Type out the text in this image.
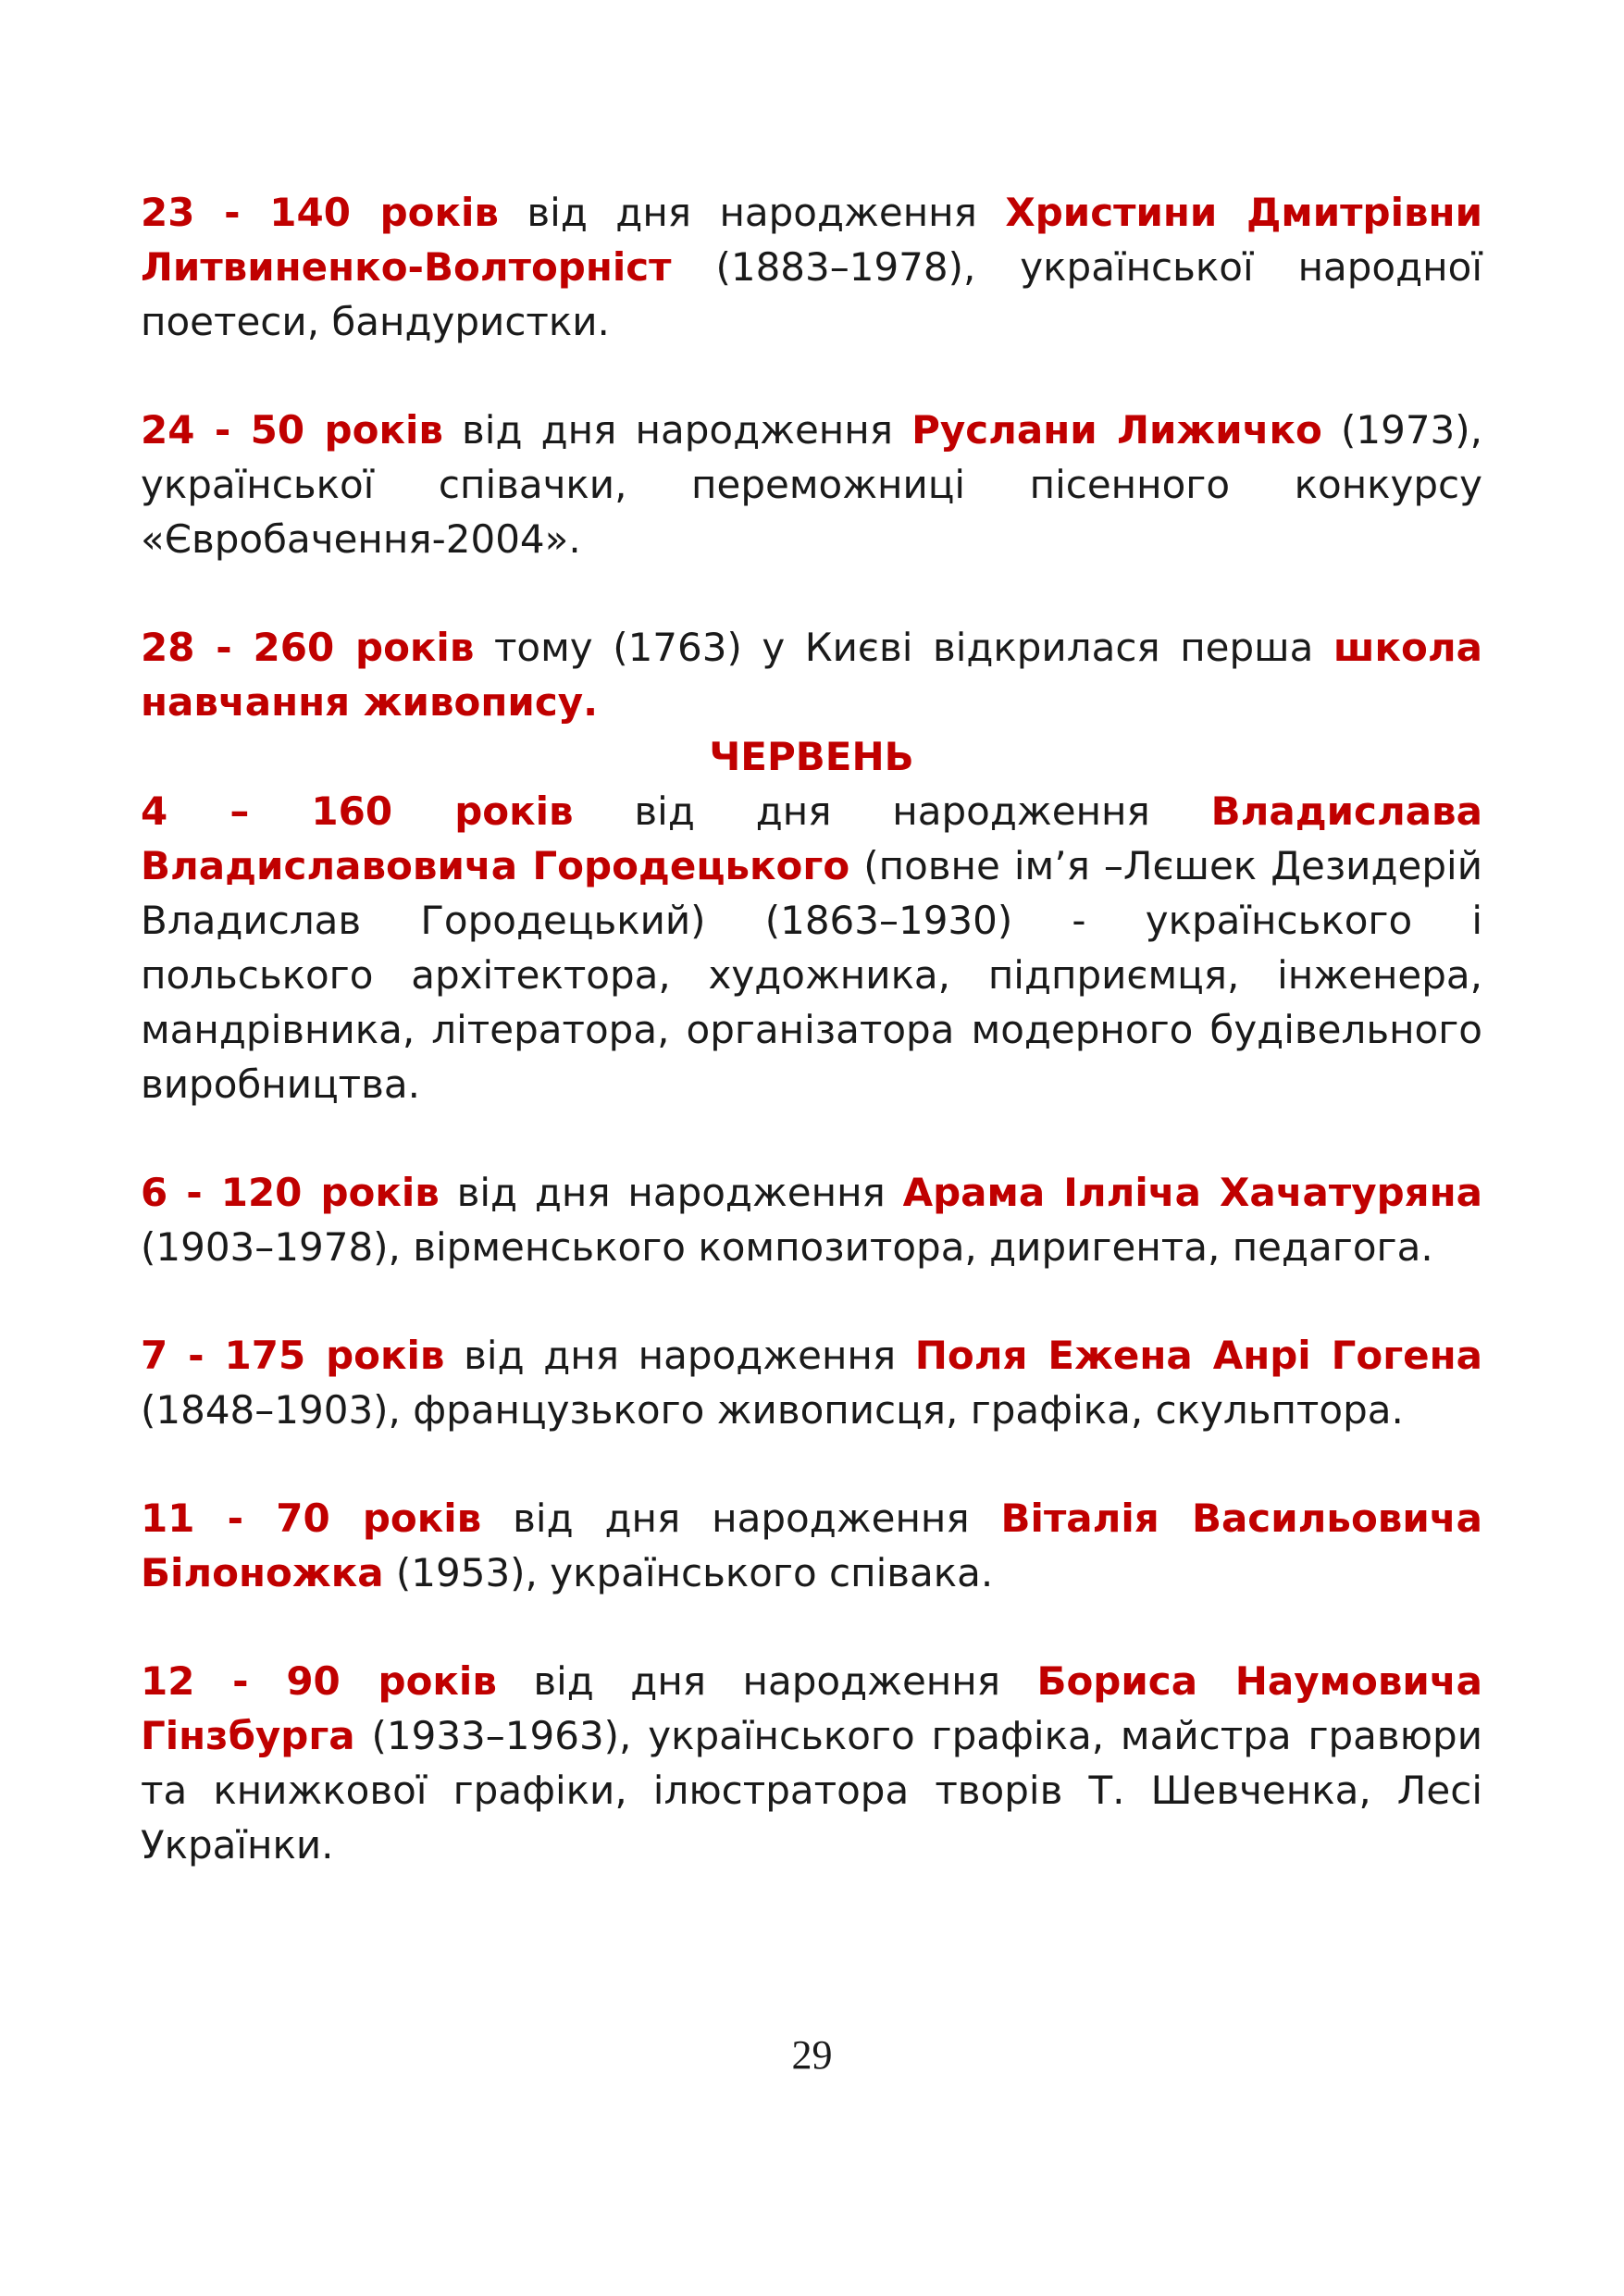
23 - 140 років від дня народження Христини Дмитрівни Литвиненко-Волторніст (1883–1978), української народної поетеси, бандуристки.

24 - 50 років від дня народження Руслани Лижичко (1973), української співачки, переможниці пісенного конкурсу «Євробачення-2004».

28 - 260 років тому (1763) у Києві відкрилася перша школа навчання живопису.

ЧЕРВЕНЬ

4 – 160 років від дня народження Владислава Владиславовича Городецького (повне ім’я –Лєшек Дезидерій Владислав Городецький) (1863–1930) - українського і польського архітектора, художника, підприємця, інженера, мандрівника, літератора, організатора модерного будівельного виробництва.

6 - 120 років від дня народження Арама Ілліча Хачатуряна (1903–1978), вірменського композитора, диригента, педагога.

7 - 175 років від дня народження Поля Ежена Анрі Гогена (1848–1903), французького живописця, графіка, скульптора.

11 - 70 років від дня народження Віталія Васильовича Білоножка (1953), українського співака.

12 - 90 років від дня народження Бориса Наумовича Гінзбурга (1933–1963), українського графіка, майстра гравюри та книжкової графіки, ілюстратора творів Т. Шевченка, Лесі Українки.

29
